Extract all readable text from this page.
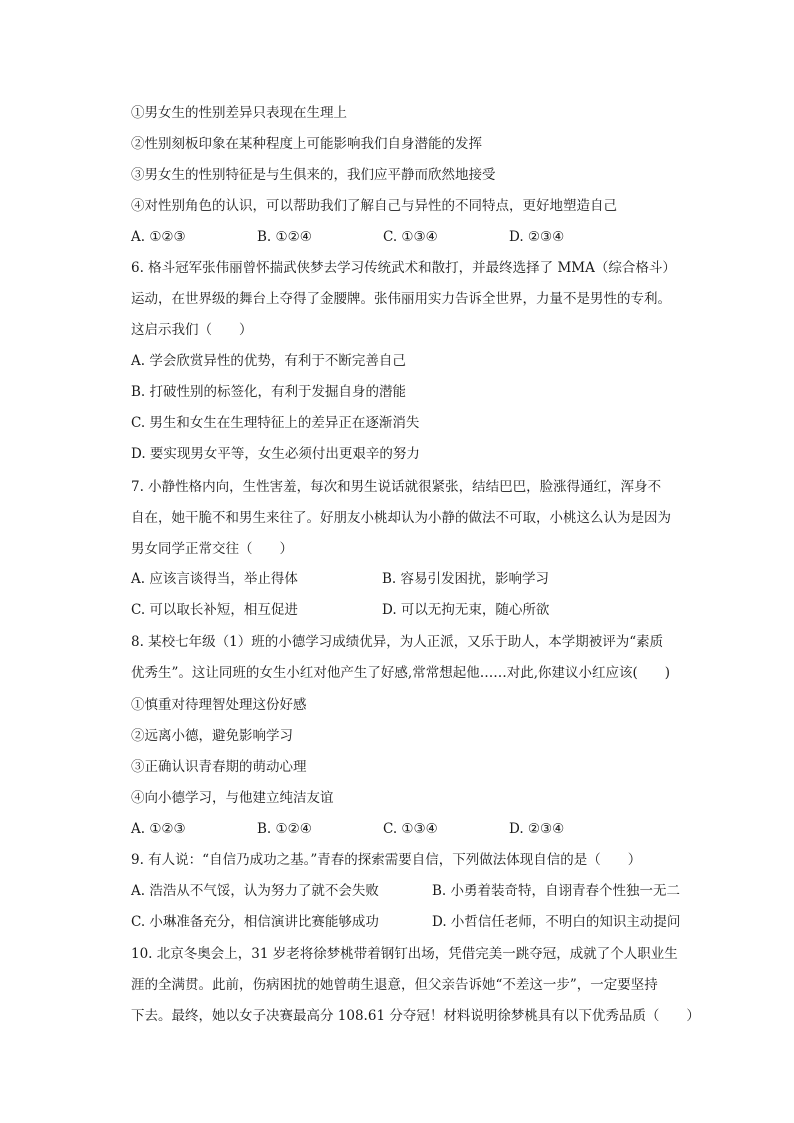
①男女生的性别差异只表现在生理上
②性别刻板印象在某种程度上可能影响我们自身潜能的发挥
③男女生的性别特征是与生俱来的，我们应平静而欣然地接受
④对性别角色的认识，可以帮助我们了解自己与异性的不同特点，更好地塑造自己
A. ①②③	B. ①②④	C. ①③④	D. ②③④
6. 格斗冠军张伟丽曾怀揣武侠梦去学习传统武术和散打，并最终选择了 MMA（综合格斗）
运动，在世界级的舞台上夺得了金腰牌。张伟丽用实力告诉全世界，力量不是男性的专利。
这启示我们（　　）
A. 学会欣赏异性的优势，有利于不断完善自己
B. 打破性别的标签化，有利于发掘自身的潜能
C. 男生和女生在生理特征上的差异正在逐渐消失
D. 要实现男女平等，女生必须付出更艰辛的努力
7. 小静性格内向，生性害羞，每次和男生说话就很紧张，结结巴巴，脸涨得通红，浑身不
自在，她干脆不和男生来往了。好朋友小桃却认为小静的做法不可取，小桃这么认为是因为
男女同学正常交往（　　）
A. 应该言谈得当，举止得体	B. 容易引发困扰，影响学习
C. 可以取长补短，相互促进	D. 可以无拘无束，随心所欲
8. 某校七年级（1）班的小德学习成绩优异，为人正派，又乐于助人，本学期被评为“素质
优秀生”。这让同班的女生小红对他产生了好感,常常想起他……对此,你建议小红应该(　　)
①慎重对待理智处理这份好感
②远离小德，避免影响学习
③正确认识青春期的萌动心理
④向小德学习，与他建立纯洁友谊
A. ①②③	B. ①②④	C. ①③④	D. ②③④
9. 有人说：“自信乃成功之基。”青春的探索需要自信，下列做法体现自信的是（　　）
A. 浩浩从不气馁，认为努力了就不会失败	B. 小勇着装奇特，自诩青春个性独一无二
C. 小琳准备充分，相信演讲比赛能够成功	D. 小哲信任老师，不明白的知识主动提问
10. 北京冬奥会上，31 岁老将徐梦桃带着钢钉出场，凭借完美一跳夺冠，成就了个人职业生
涯的全满贯。此前，伤病困扰的她曾萌生退意，但父亲告诉她“不差这一步”，一定要坚持
下去。最终，她以女子决赛最高分 108.61 分夺冠！材料说明徐梦桃具有以下优秀品质（　　）
